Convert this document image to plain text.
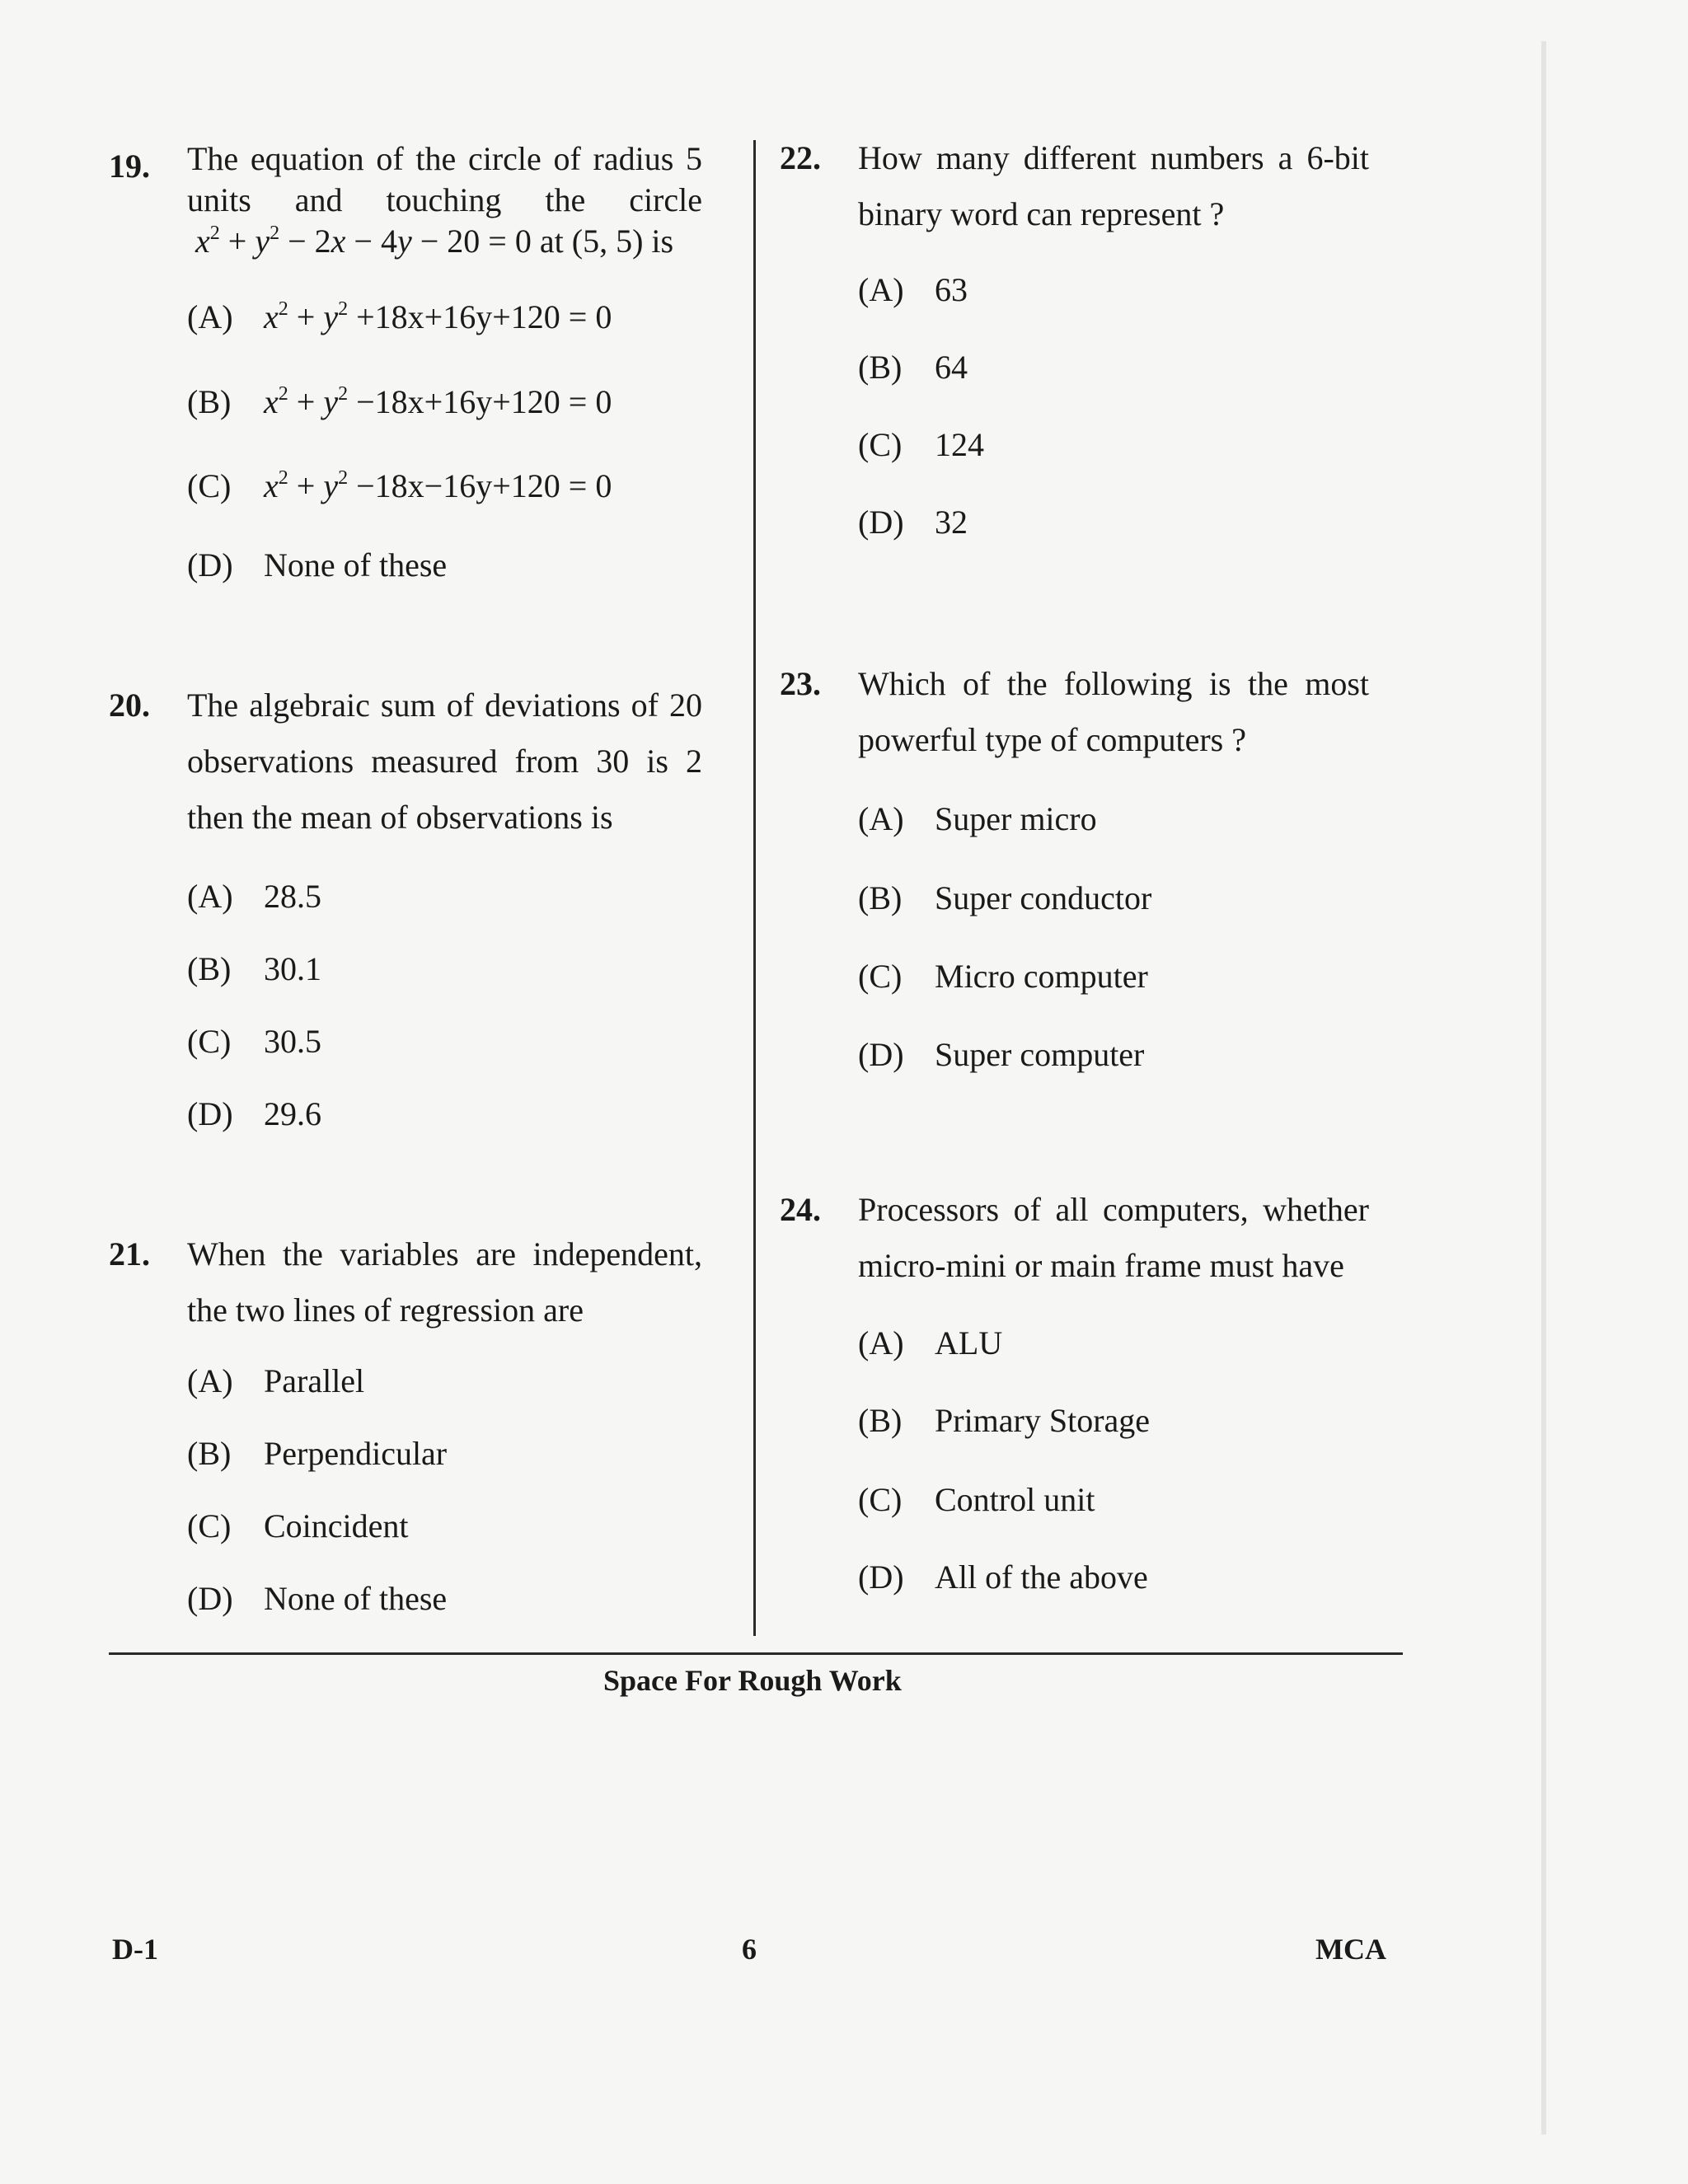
19. The equation of the circle of radius 5
units and touching the circle
$x^2 + y^2 - 2x - 4y - 20 = 0$ at (5, 5) is
(A) $x^2 + y^2 +18x+16y+120 = 0$
(B) $x^2 + y^2 -18x+16y+120 = 0$
(C) $x^2 + y^2 -18x-16y+120 = 0$
(D) None of these
20. The algebraic sum of deviations of 20
observations measured from 30 is 2
then the mean of observations is
(A) 28.5
(B) 30.1
(C) 30.5
(D) 29.6
21. When the variables are independent,
the two lines of regression are
(A) Parallel
(B) Perpendicular
(C) Coincident
(D) None of these
22. How many different numbers a 6-bit
binary word can represent ?
(A) 63
(B) 64
(C) 124
(D) 32
23. Which of the following is the most
powerful type of computers ?
(A) Super micro
(B) Super conductor
(C) Micro computer
(D) Super computer
24. Processors of all computers, whether
micro-mini or main frame must have
(A) ALU
(B) Primary Storage
(C) Control unit
(D) All of the above
Space For Rough Work
D-1	6	MCA
